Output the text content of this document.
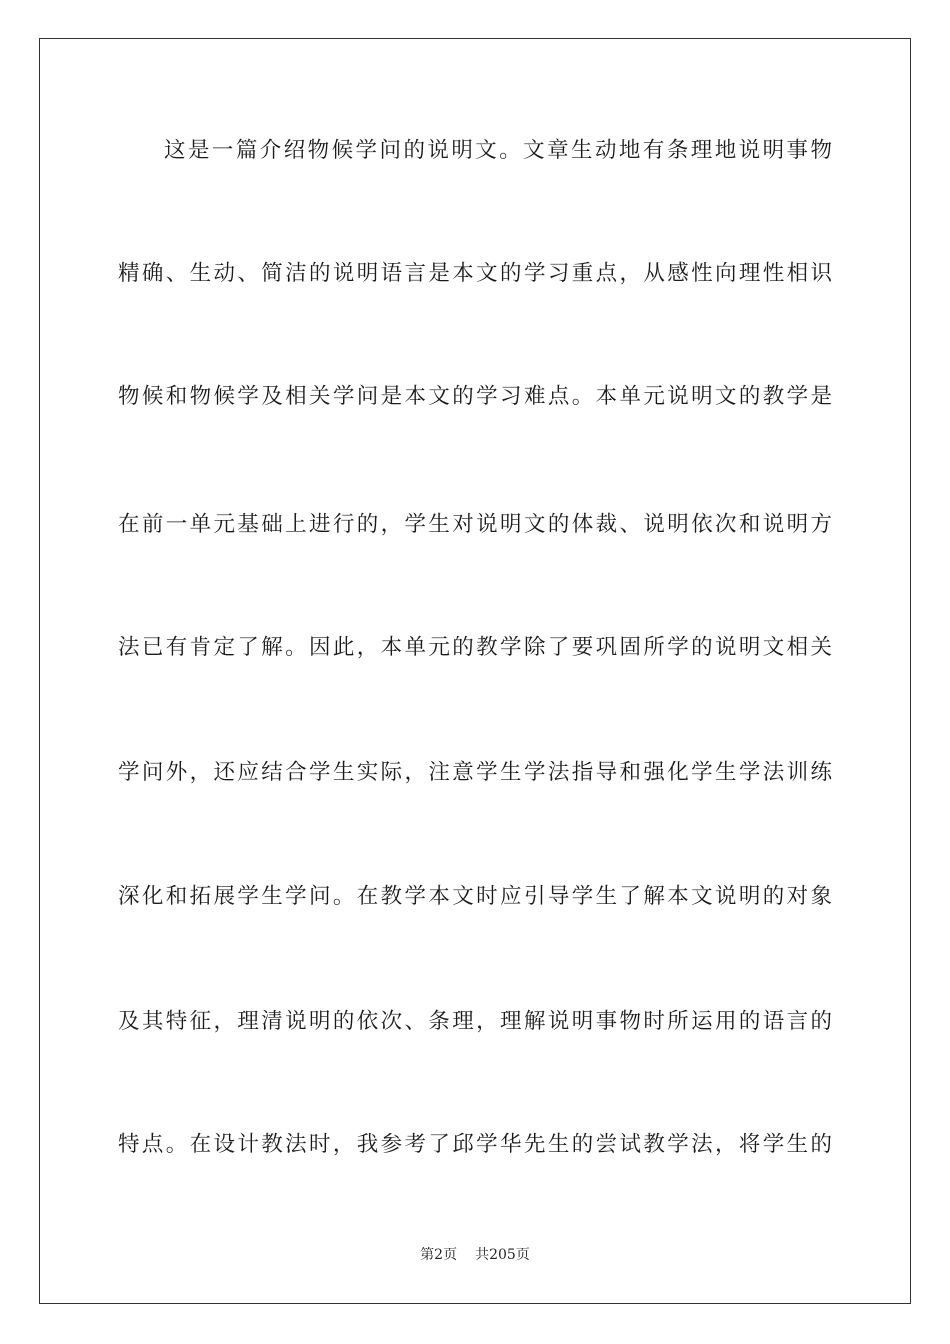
这是一篇介绍物候学问的说明文。文章生动地有条理地说明事物
精确、生动、简洁的说明语言是本文的学习重点，从感性向理性相识
物候和物候学及相关学问是本文的学习难点。本单元说明文的教学是
在前一单元基础上进行的，学生对说明文的体裁、说明依次和说明方
法已有肯定了解。因此，本单元的教学除了要巩固所学的说明文相关
学问外，还应结合学生实际，注意学生学法指导和强化学生学法训练
深化和拓展学生学问。在教学本文时应引导学生了解本文说明的对象
及其特征，理清说明的依次、条理，理解说明事物时所运用的语言的
特点。在设计教法时，我参考了邱学华先生的尝试教学法，将学生的
第2页 共205页
